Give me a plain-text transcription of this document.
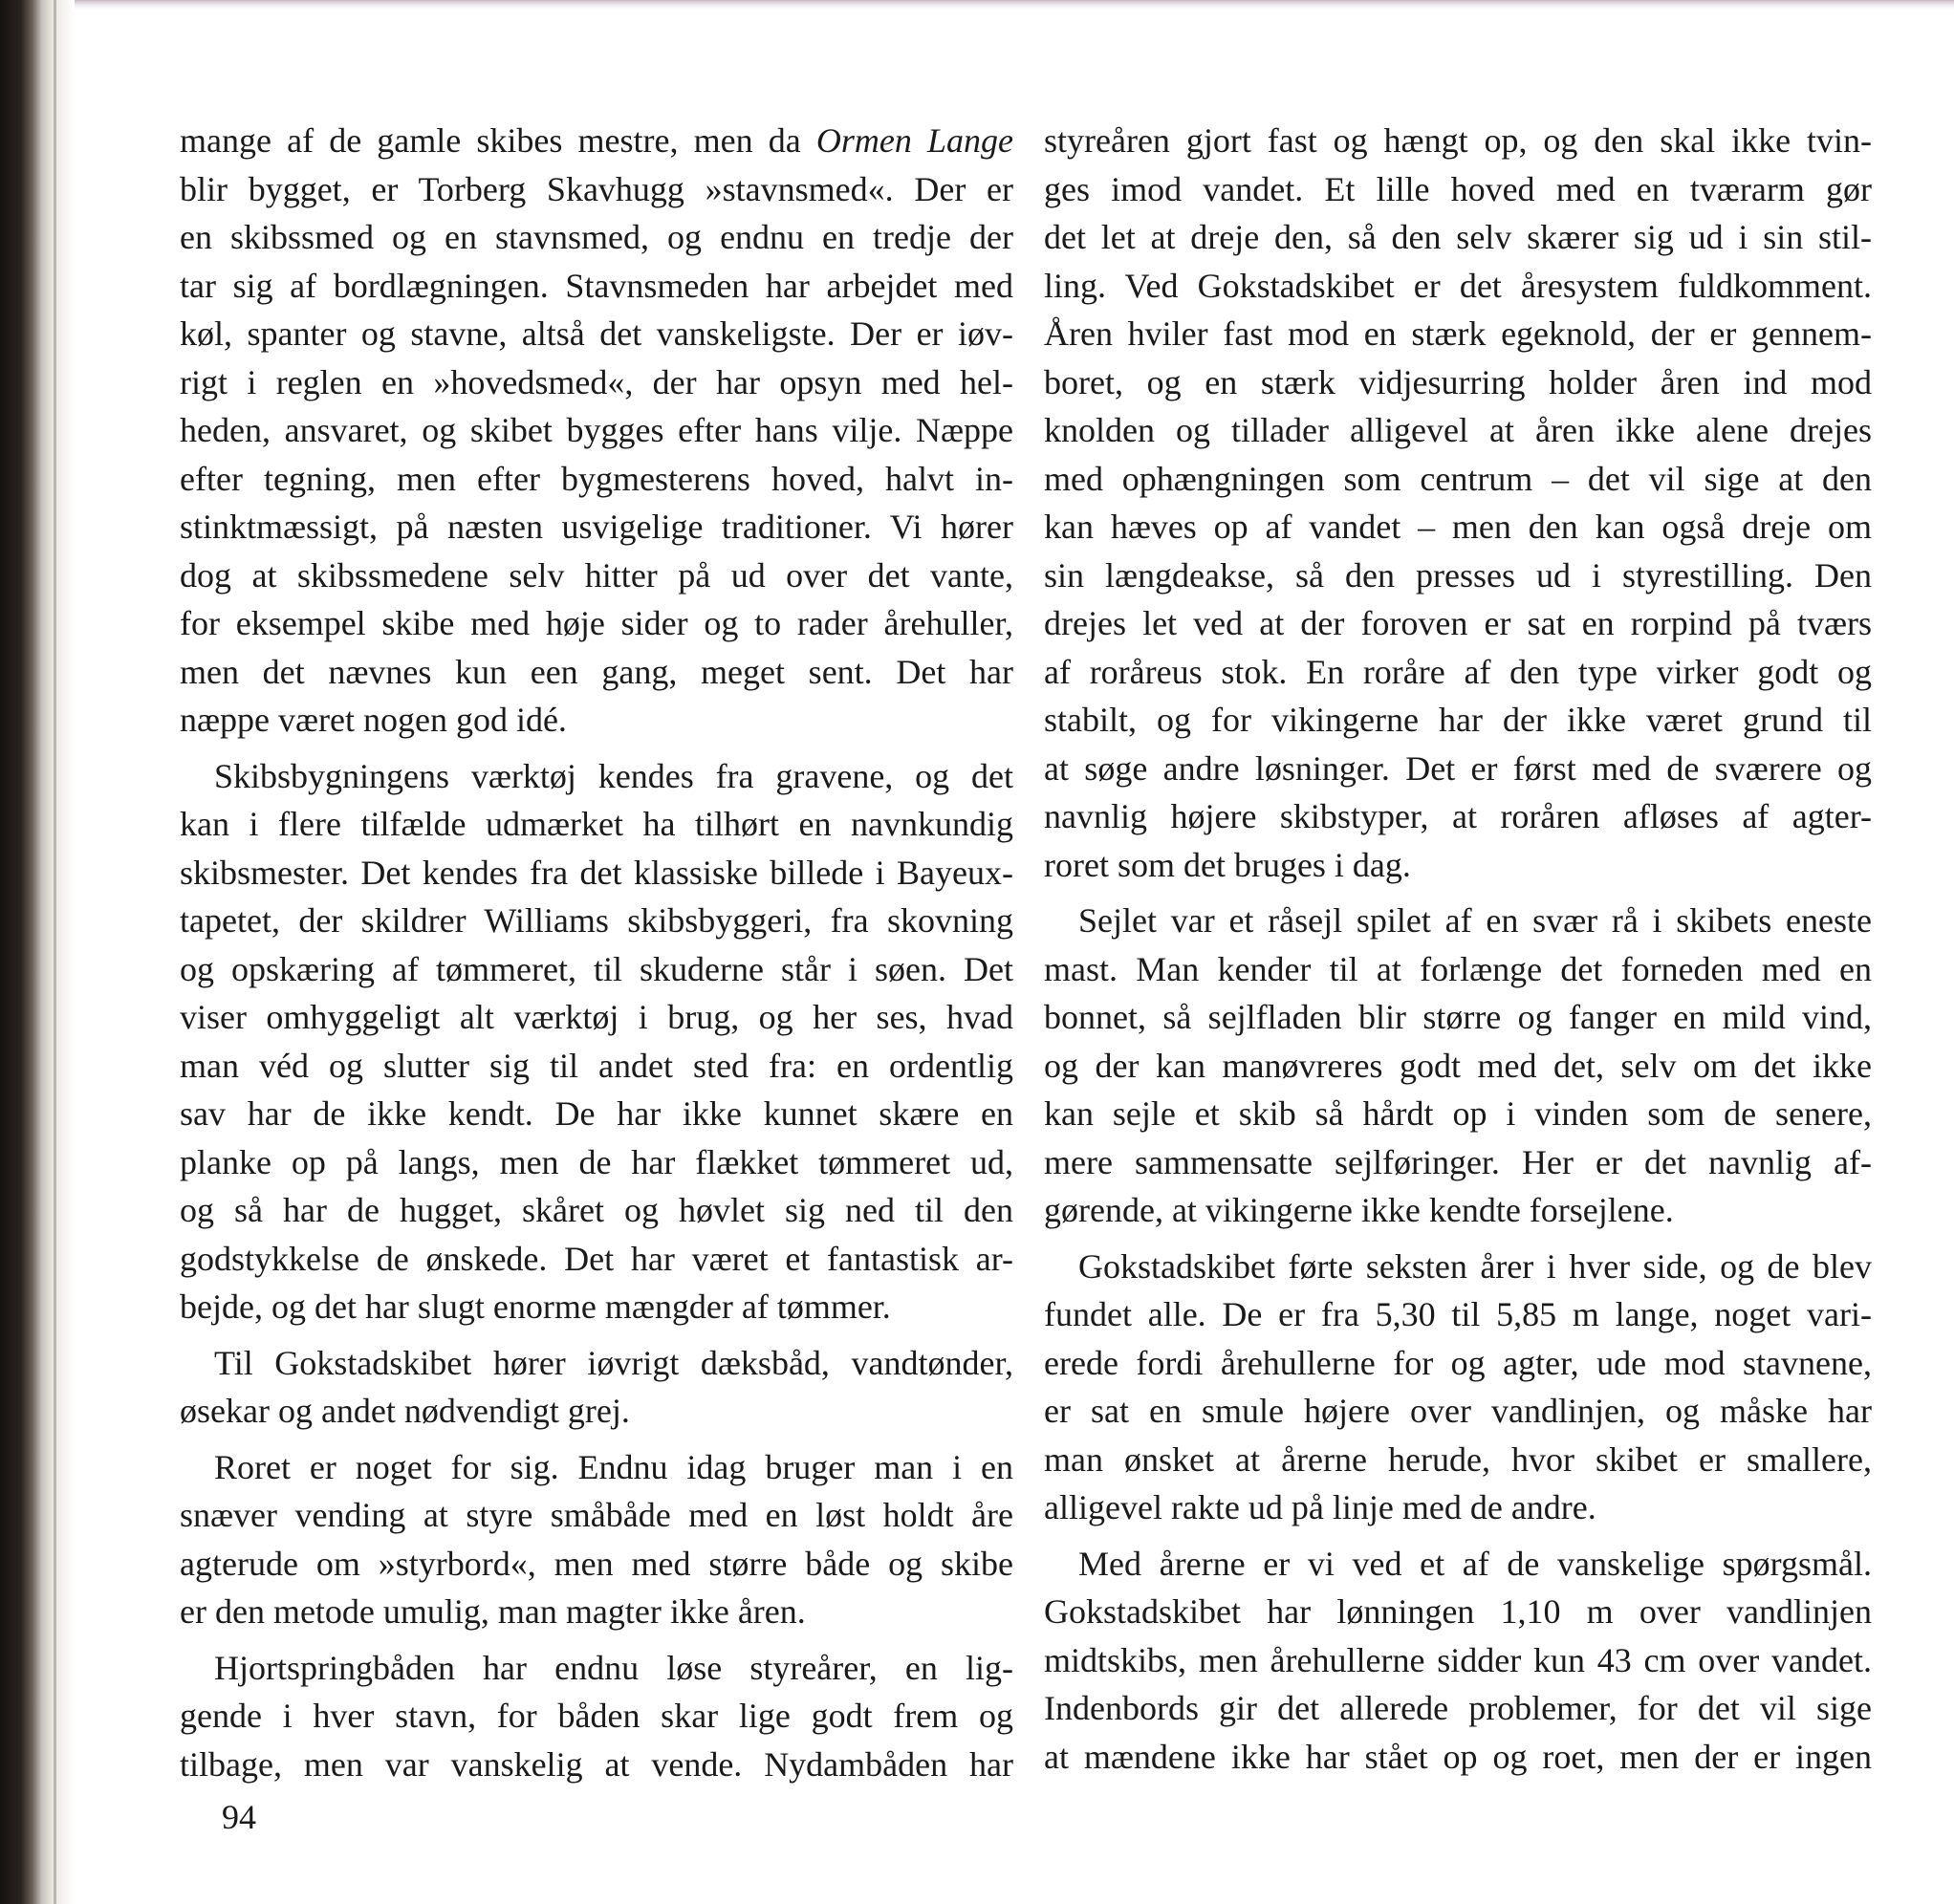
mange af de gamle skibes mestre, men da Ormen Lange
blir bygget, er Torberg Skavhugg »stavnsmed«. Der er
en skibssmed og en stavnsmed, og endnu en tredje der
tar sig af bordlægningen. Stavnsmeden har arbejdet med
køl, spanter og stavne, altså det vanskeligste. Der er iøv-
rigt i reglen en »hovedsmed«, der har opsyn med hel-
heden, ansvaret, og skibet bygges efter hans vilje. Næppe
efter tegning, men efter bygmesterens hoved, halvt in-
stinktmæssigt, på næsten usvigelige traditioner. Vi hører
dog at skibssmedene selv hitter på ud over det vante,
for eksempel skibe med høje sider og to rader årehuller,
men det nævnes kun een gang, meget sent. Det har
næppe været nogen god idé.
Skibsbygningens værktøj kendes fra gravene, og det
kan i flere tilfælde udmærket ha tilhørt en navnkundig
skibsmester. Det kendes fra det klassiske billede i Bayeux-
tapetet, der skildrer Williams skibsbyggeri, fra skovning
og opskæring af tømmeret, til skuderne står i søen. Det
viser omhyggeligt alt værktøj i brug, og her ses, hvad
man véd og slutter sig til andet sted fra: en ordentlig
sav har de ikke kendt. De har ikke kunnet skære en
planke op på langs, men de har flækket tømmeret ud,
og så har de hugget, skåret og høvlet sig ned til den
godstykkelse de ønskede. Det har været et fantastisk ar-
bejde, og det har slugt enorme mængder af tømmer.
Til Gokstadskibet hører iøvrigt dæksbåd, vandtønder,
øsekar og andet nødvendigt grej.
Roret er noget for sig. Endnu idag bruger man i en
snæver vending at styre småbåde med en løst holdt åre
agterude om »styrbord«, men med større både og skibe
er den metode umulig, man magter ikke åren.
Hjortspringbåden har endnu løse styreårer, en lig-
gende i hver stavn, for båden skar lige godt frem og
tilbage, men var vanskelig at vende. Nydambåden har
styreåren gjort fast og hængt op, og den skal ikke tvin-
ges imod vandet. Et lille hoved med en tværarm gør
det let at dreje den, så den selv skærer sig ud i sin stil-
ling. Ved Gokstadskibet er det åresystem fuldkomment.
Åren hviler fast mod en stærk egeknold, der er gennem-
boret, og en stærk vidjesurring holder åren ind mod
knolden og tillader alligevel at åren ikke alene drejes
med ophængningen som centrum – det vil sige at den
kan hæves op af vandet – men den kan også dreje om
sin længdeakse, så den presses ud i styrestilling. Den
drejes let ved at der foroven er sat en rorpind på tværs
af roråreus stok. En roråre af den type virker godt og
stabilt, og for vikingerne har der ikke været grund til
at søge andre løsninger. Det er først med de sværere og
navnlig højere skibstyper, at roråren afløses af agter-
roret som det bruges i dag.
Sejlet var et råsejl spilet af en svær rå i skibets eneste
mast. Man kender til at forlænge det forneden med en
bonnet, så sejlfladen blir større og fanger en mild vind,
og der kan manøvreres godt med det, selv om det ikke
kan sejle et skib så hårdt op i vinden som de senere,
mere sammensatte sejlføringer. Her er det navnlig af-
gørende, at vikingerne ikke kendte forsejlene.
Gokstadskibet førte seksten årer i hver side, og de blev
fundet alle. De er fra 5,30 til 5,85 m lange, noget vari-
erede fordi årehullerne for og agter, ude mod stavnene,
er sat en smule højere over vandlinjen, og måske har
man ønsket at årerne herude, hvor skibet er smallere,
alligevel rakte ud på linje med de andre.
Med årerne er vi ved et af de vanskelige spørgsmål.
Gokstadskibet har lønningen 1,10 m over vandlinjen
midtskibs, men årehullerne sidder kun 43 cm over vandet.
Indenbords gir det allerede problemer, for det vil sige
at mændene ikke har stået op og roet, men der er ingen
94
